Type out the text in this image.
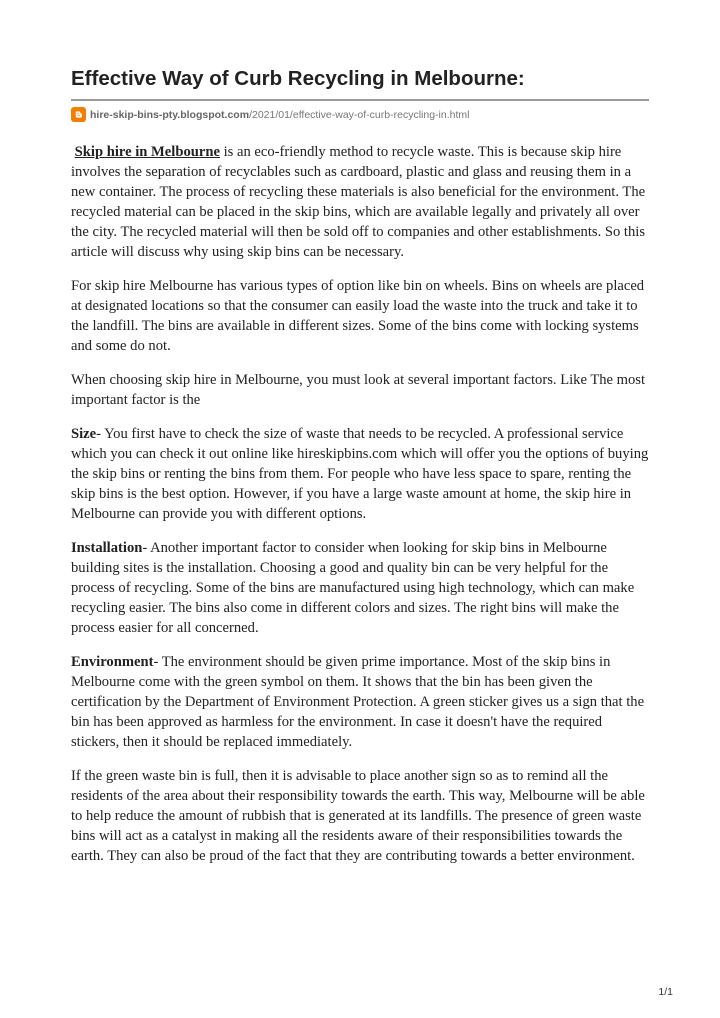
Effective Way of Curb Recycling in Melbourne:
hire-skip-bins-pty.blogspot.com /2021/01/effective-way-of-curb-recycling-in.html

Skip hire in Melbourne is an eco-friendly method to recycle waste. This is because skip hire involves the separation of recyclables such as cardboard, plastic and glass and reusing them in a new container. The process of recycling these materials is also beneficial for the environment. The recycled material can be placed in the skip bins, which are available legally and privately all over the city. The recycled material will then be sold off to companies and other establishments. So this article will discuss why using skip bins can be necessary.

For skip hire Melbourne has various types of option like bin on wheels. Bins on wheels are placed at designated locations so that the consumer can easily load the waste into the truck and take it to the landfill. The bins are available in different sizes. Some of the bins come with locking systems and some do not.

When choosing skip hire in Melbourne, you must look at several important factors. Like The most important factor is the

Size- You first have to check the size of waste that needs to be recycled. A professional service which you can check it out online like hireskipbins.com which will offer you the options of buying the skip bins or renting the bins from them. For people who have less space to spare, renting the skip bins is the best option. However, if you have a large waste amount at home, the skip hire in Melbourne can provide you with different options.

Installation- Another important factor to consider when looking for skip bins in Melbourne building sites is the installation. Choosing a good and quality bin can be very helpful for the process of recycling. Some of the bins are manufactured using high technology, which can make recycling easier. The bins also come in different colors and sizes. The right bins will make the process easier for all concerned.

Environment- The environment should be given prime importance. Most of the skip bins in Melbourne come with the green symbol on them. It shows that the bin has been given the certification by the Department of Environment Protection. A green sticker gives us a sign that the bin has been approved as harmless for the environment. In case it doesn't have the required stickers, then it should be replaced immediately.

If the green waste bin is full, then it is advisable to place another sign so as to remind all the residents of the area about their responsibility towards the earth. This way, Melbourne will be able to help reduce the amount of rubbish that is generated at its landfills. The presence of green waste bins will act as a catalyst in making all the residents aware of their responsibilities towards the earth. They can also be proud of the fact that they are contributing towards a better environment.

1/1
